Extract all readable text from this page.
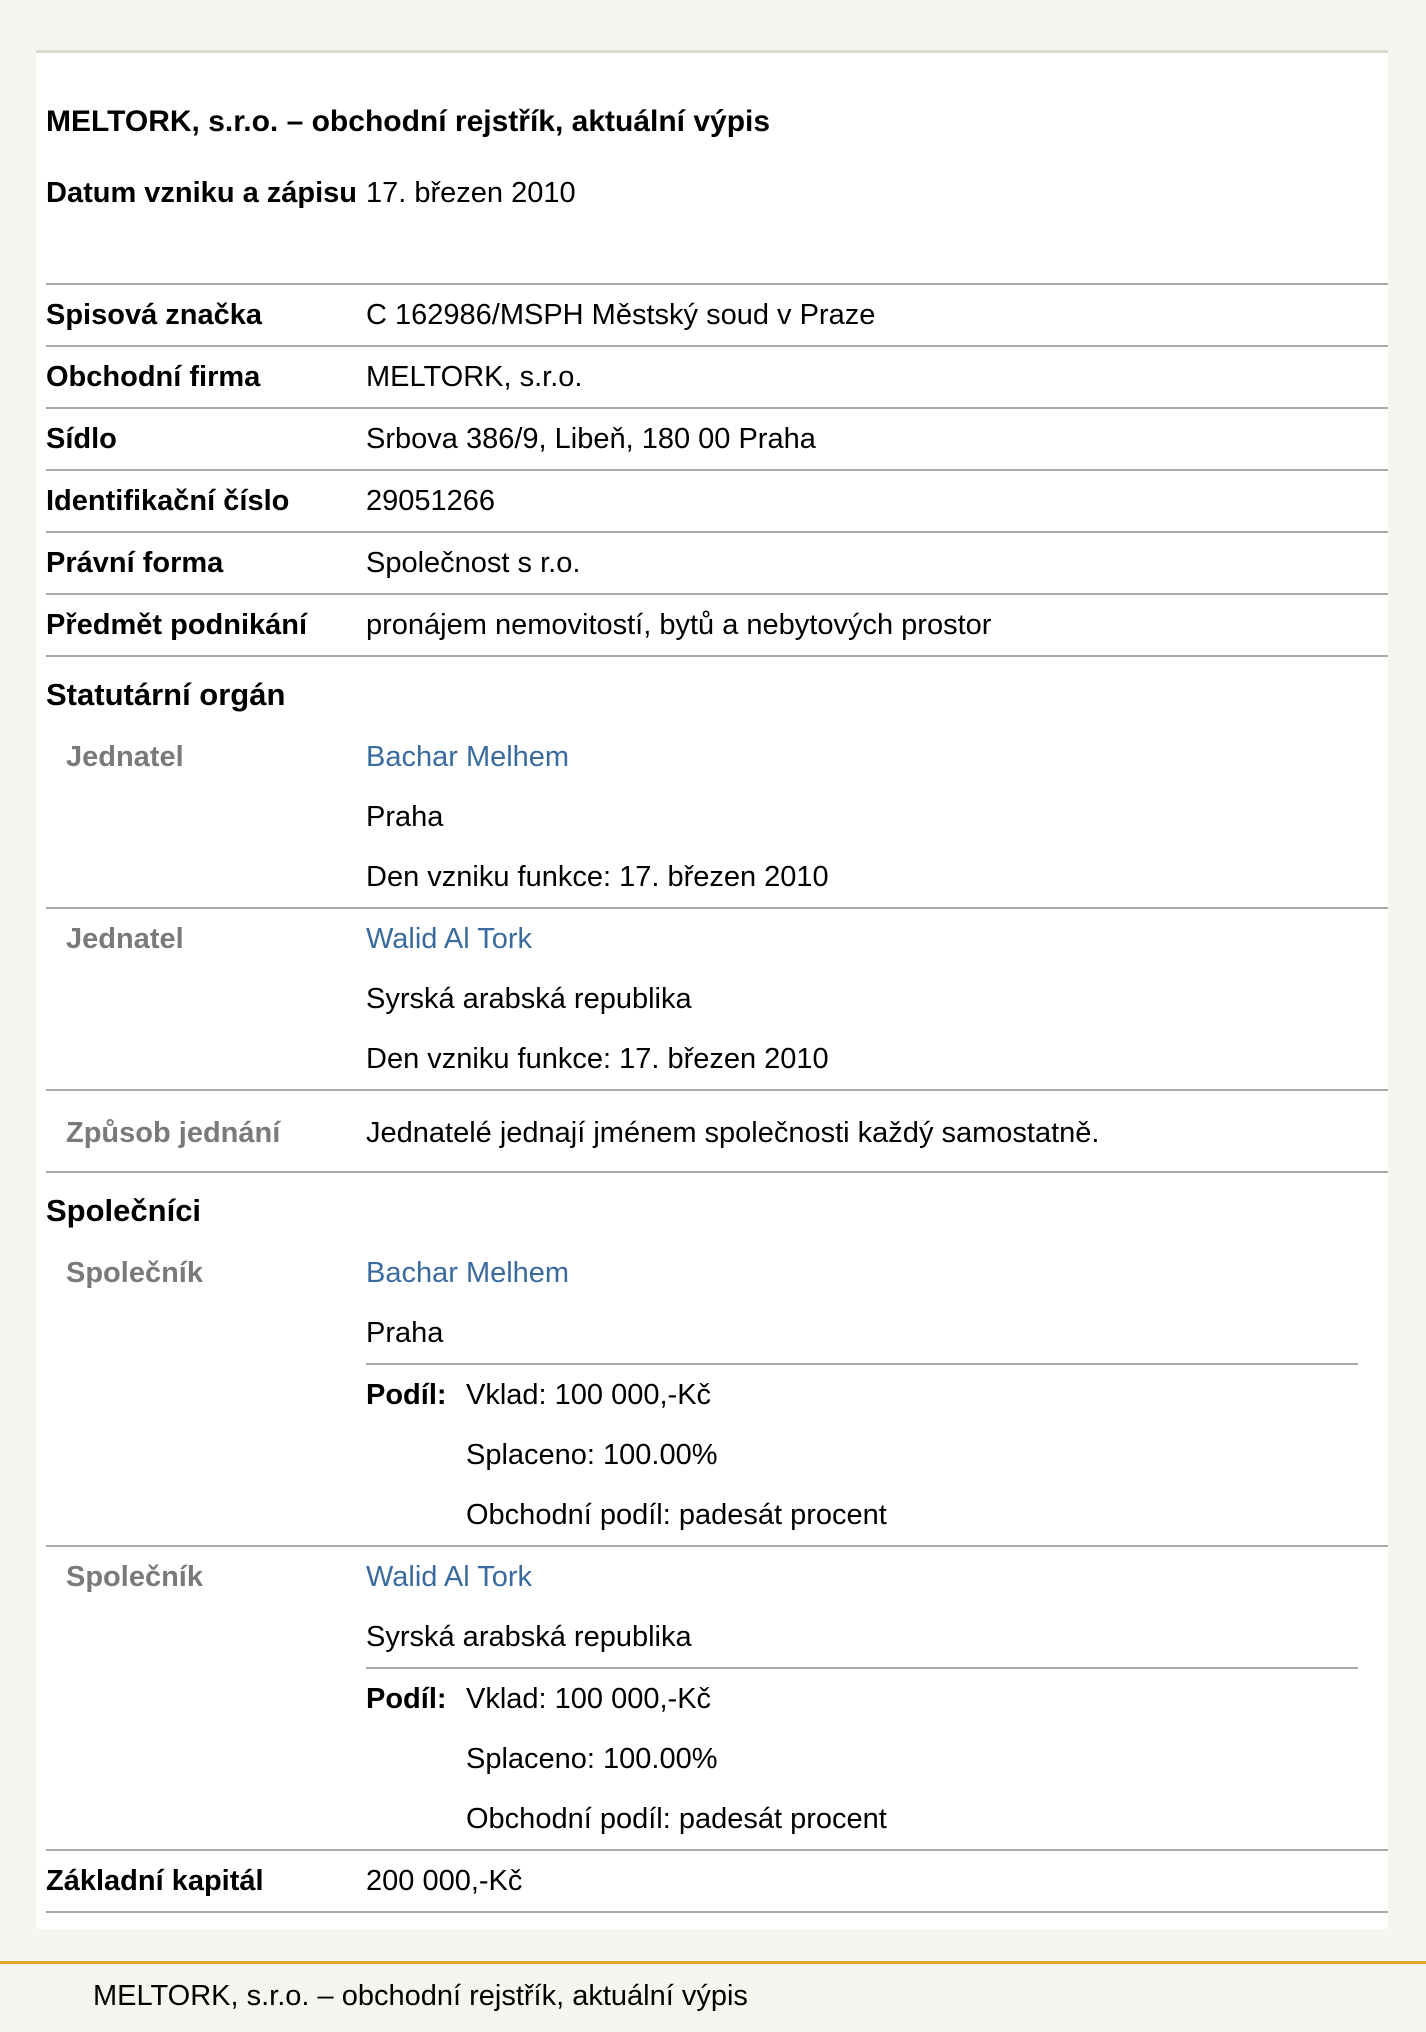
MELTORK, s.r.o. – obchodní rejstřík, aktuální výpis
Datum vzniku a zápisu 17. březen 2010
Spisová značka	C 162986/MSPH Městský soud v Praze
Obchodní firma	MELTORK, s.r.o.
Sídlo	Srbova 386/9, Libeň, 180 00 Praha
Identifikační číslo	29051266
Právní forma	Společnost s r.o.
Předmět podnikání	pronájem nemovitostí, bytů a nebytových prostor
Statutární orgán
Jednatel	Bachar Melhem
Praha
Den vzniku funkce: 17. březen 2010
Jednatel	Walid Al Tork
Syrská arabská republika
Den vzniku funkce: 17. březen 2010
Způsob jednání	Jednatelé jednají jménem společnosti každý samostatně.
Společníci
Společník	Bachar Melhem
Praha
Podíl: Vklad: 100 000,-Kč
Splaceno: 100.00%
Obchodní podíl: padesát procent
Společník	Walid Al Tork
Syrská arabská republika
Podíl: Vklad: 100 000,-Kč
Splaceno: 100.00%
Obchodní podíl: padesát procent
Základní kapitál	200 000,-Kč
MELTORK, s.r.o. – obchodní rejstřík, aktuální výpis
